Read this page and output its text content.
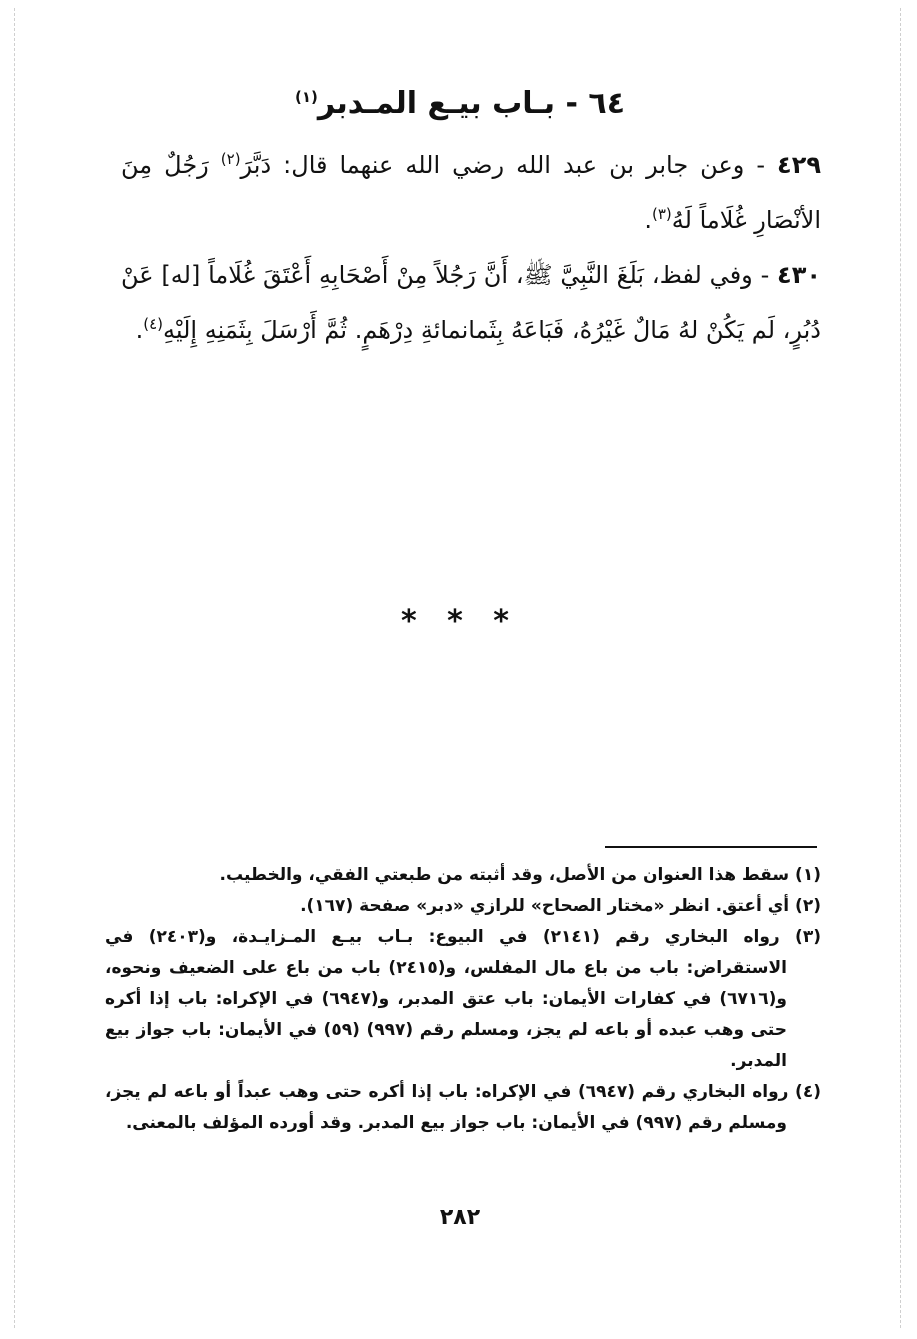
٦٤ - بـاب بيـع المـدبر$^{(١)}$
٤٢٩ - وعن جابر بن عبد الله رضي الله عنهما قال: دَبَّرَ$^{(٢)}$ رَجُلٌ مِنَ الأنْصَارِ غُلَاماً لَهُ$^{(٣)}$.
٤٣٠ - وفي لفظ، بَلَغَ النَّبِيَّ ﷺ، أَنَّ رَجُلاً مِنْ أَصْحَابِهِ أَعْتَقَ غُلَاماً [له] عَنْ دُبُرٍ، لَم يَكُنْ لهُ مَالٌ غَيْرُهُ، فَبَاعَهُ بِثَمانمائةِ دِرْهَمٍ. ثُمَّ أَرْسَلَ بِثَمَنِهِ إِلَيْهِ$^{(٤)}$.
* * *

(١) سقط هذا العنوان من الأصل، وقد أثبته من طبعتي الفقي، والخطيب.

(٢) أي أعتق. انظر «مختار الصحاح» للرازي «دبر» صفحة (١٦٧).

(٣) رواه البخاري رقم (٢١٤١) في البيوع: بـاب بيـع المـزايـدة، و(٢٤٠٣) في الاستقراض: باب من باع مال المفلس، و(٢٤١٥) باب من باع على الضعيف ونحوه، و(٦٧١٦) في كفارات الأيمان: باب عتق المدبر، و(٦٩٤٧) في الإكراه: باب إذا أكره حتى وهب عبده أو باعه لم يجز، ومسلم رقم (٩٩٧) (٥٩) في الأيمان: باب جواز بيع المدبر.

(٤) رواه البخاري رقم (٦٩٤٧) في الإكراه: باب إذا أكره حتى وهب عبداً أو باعه لم يجز، ومسلم رقم (٩٩٧) في الأيمان: باب جواز بيع المدبر. وقد أورده المؤلف بالمعنى.

٢٨٢
